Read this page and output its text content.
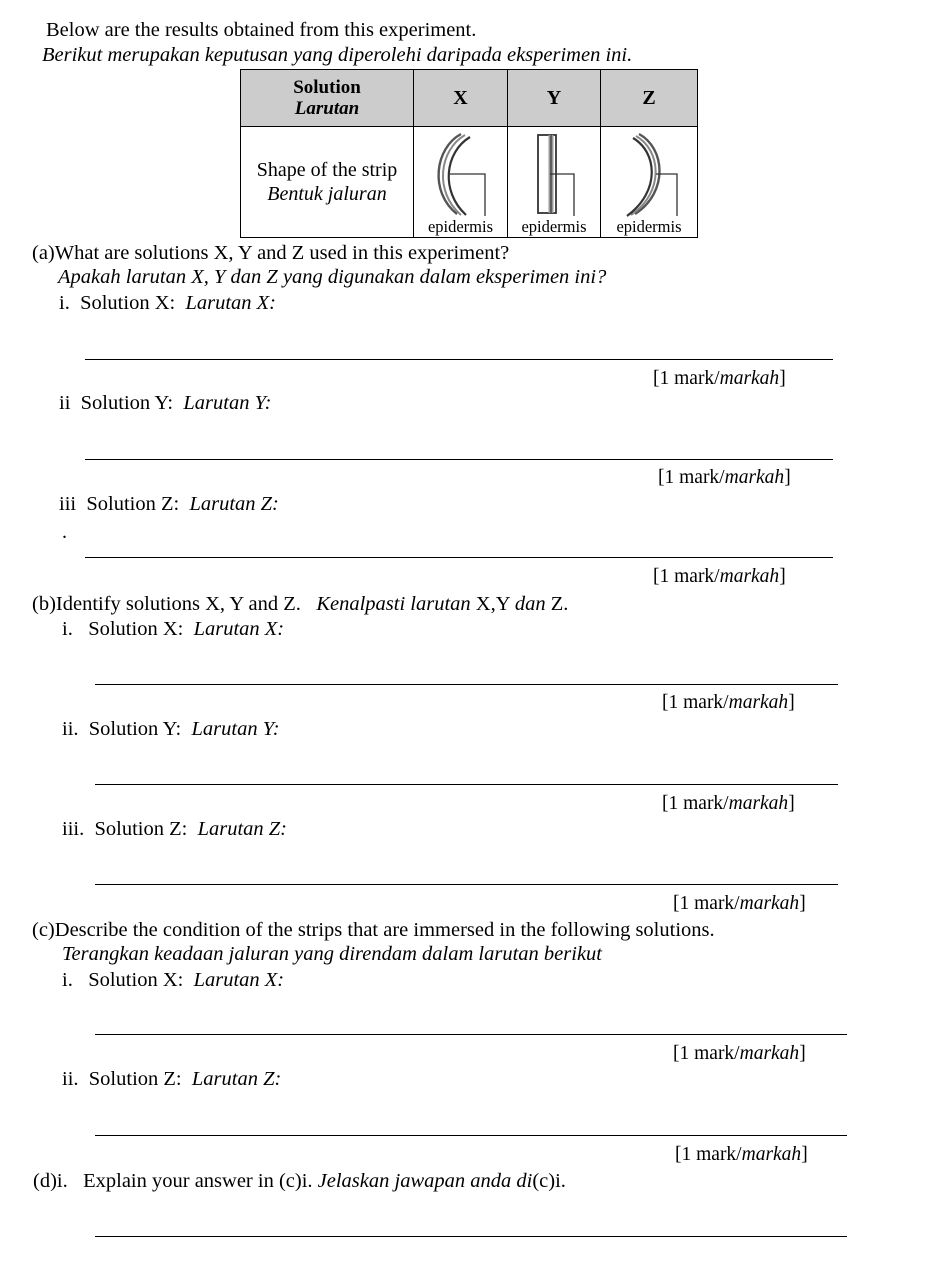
Below are the results obtained from this experiment.
Berikut merupakan keputusan yang diperolehi daripada eksperimen ini.
Solution
Larutan	X	Y	Z

Shape of the strip
Bentuk jaluran	epidermis	epidermis	epidermis
(a)What are solutions X, Y and Z used in this experiment?
Apakah larutan X, Y dan Z yang digunakan dalam eksperimen ini?
i. Solution X: Larutan X:
[1 mark/markah]
ii Solution Y: Larutan Y:
[1 mark/markah]
iii Solution Z: Larutan Z:
.
[1 mark/markah]
(b)Identify solutions X, Y and Z. Kenalpasti larutan X,Y dan Z.
i. Solution X: Larutan X:
[1 mark/markah]
ii. Solution Y: Larutan Y:
[1 mark/markah]
iii. Solution Z: Larutan Z:
[1 mark/markah]
(c)Describe the condition of the strips that are immersed in the following solutions.
Terangkan keadaan jaluran yang direndam dalam larutan berikut
i. Solution X: Larutan X:
[1 mark/markah]
ii. Solution Z: Larutan Z:
[1 mark/markah]
(d)i. Explain your answer in (c)i. Jelaskan jawapan anda di(c)i.
